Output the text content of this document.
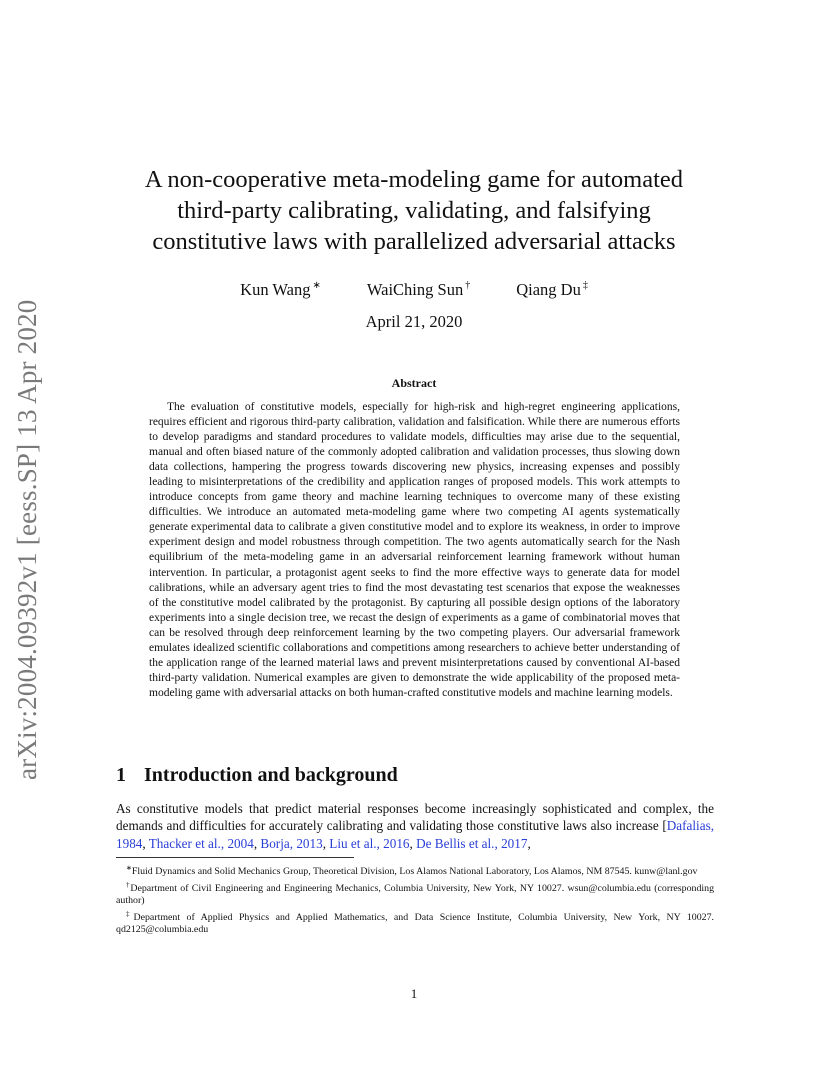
arXiv:2004.09392v1 [eess.SP] 13 Apr 2020
A non-cooperative meta-modeling game for automated third-party calibrating, validating, and falsifying constitutive laws with parallelized adversarial attacks
Kun Wang ∗	WaiChing Sun †	Qiang Du ‡
April 21, 2020
Abstract
The evaluation of constitutive models, especially for high-risk and high-regret engineering applications, requires efficient and rigorous third-party calibration, validation and falsification. While there are numerous efforts to develop paradigms and standard procedures to validate models, difficulties may arise due to the sequential, manual and often biased nature of the commonly adopted calibration and validation processes, thus slowing down data collections, hampering the progress towards discovering new physics, increasing expenses and possibly leading to misinterpretations of the credibility and application ranges of proposed models. This work attempts to introduce concepts from game theory and machine learning techniques to overcome many of these existing difficulties. We introduce an automated meta-modeling game where two competing AI agents systematically generate experimental data to calibrate a given constitutive model and to explore its weakness, in order to improve experiment design and model robustness through competition. The two agents automatically search for the Nash equilibrium of the meta-modeling game in an adversarial reinforcement learning framework without human intervention. In particular, a protagonist agent seeks to find the more effective ways to generate data for model calibrations, while an adversary agent tries to find the most devastating test scenarios that expose the weaknesses of the constitutive model calibrated by the protagonist. By capturing all possible design options of the laboratory experiments into a single decision tree, we recast the design of experiments as a game of combinatorial moves that can be resolved through deep reinforcement learning by the two competing players. Our adversarial framework emulates idealized scientific collaborations and competitions among researchers to achieve better understanding of the application range of the learned material laws and prevent misinterpretations caused by conventional AI-based third-party validation. Numerical examples are given to demonstrate the wide applicability of the proposed meta-modeling game with adversarial attacks on both human-crafted constitutive models and machine learning models.
1 Introduction and background
As constitutive models that predict material responses become increasingly sophisticated and complex, the demands and difficulties for accurately calibrating and validating those constitutive laws also increase [Dafalias, 1984, Thacker et al., 2004, Borja, 2013, Liu et al., 2016, De Bellis et al., 2017,

∗Fluid Dynamics and Solid Mechanics Group, Theoretical Division, Los Alamos National Laboratory, Los Alamos, NM 87545. kunw@lanl.gov

†Department of Civil Engineering and Engineering Mechanics, Columbia University, New York, NY 10027. wsun@columbia.edu (corresponding author)

‡Department of Applied Physics and Applied Mathematics, and Data Science Institute, Columbia University, New York, NY 10027. qd2125@columbia.edu

1
